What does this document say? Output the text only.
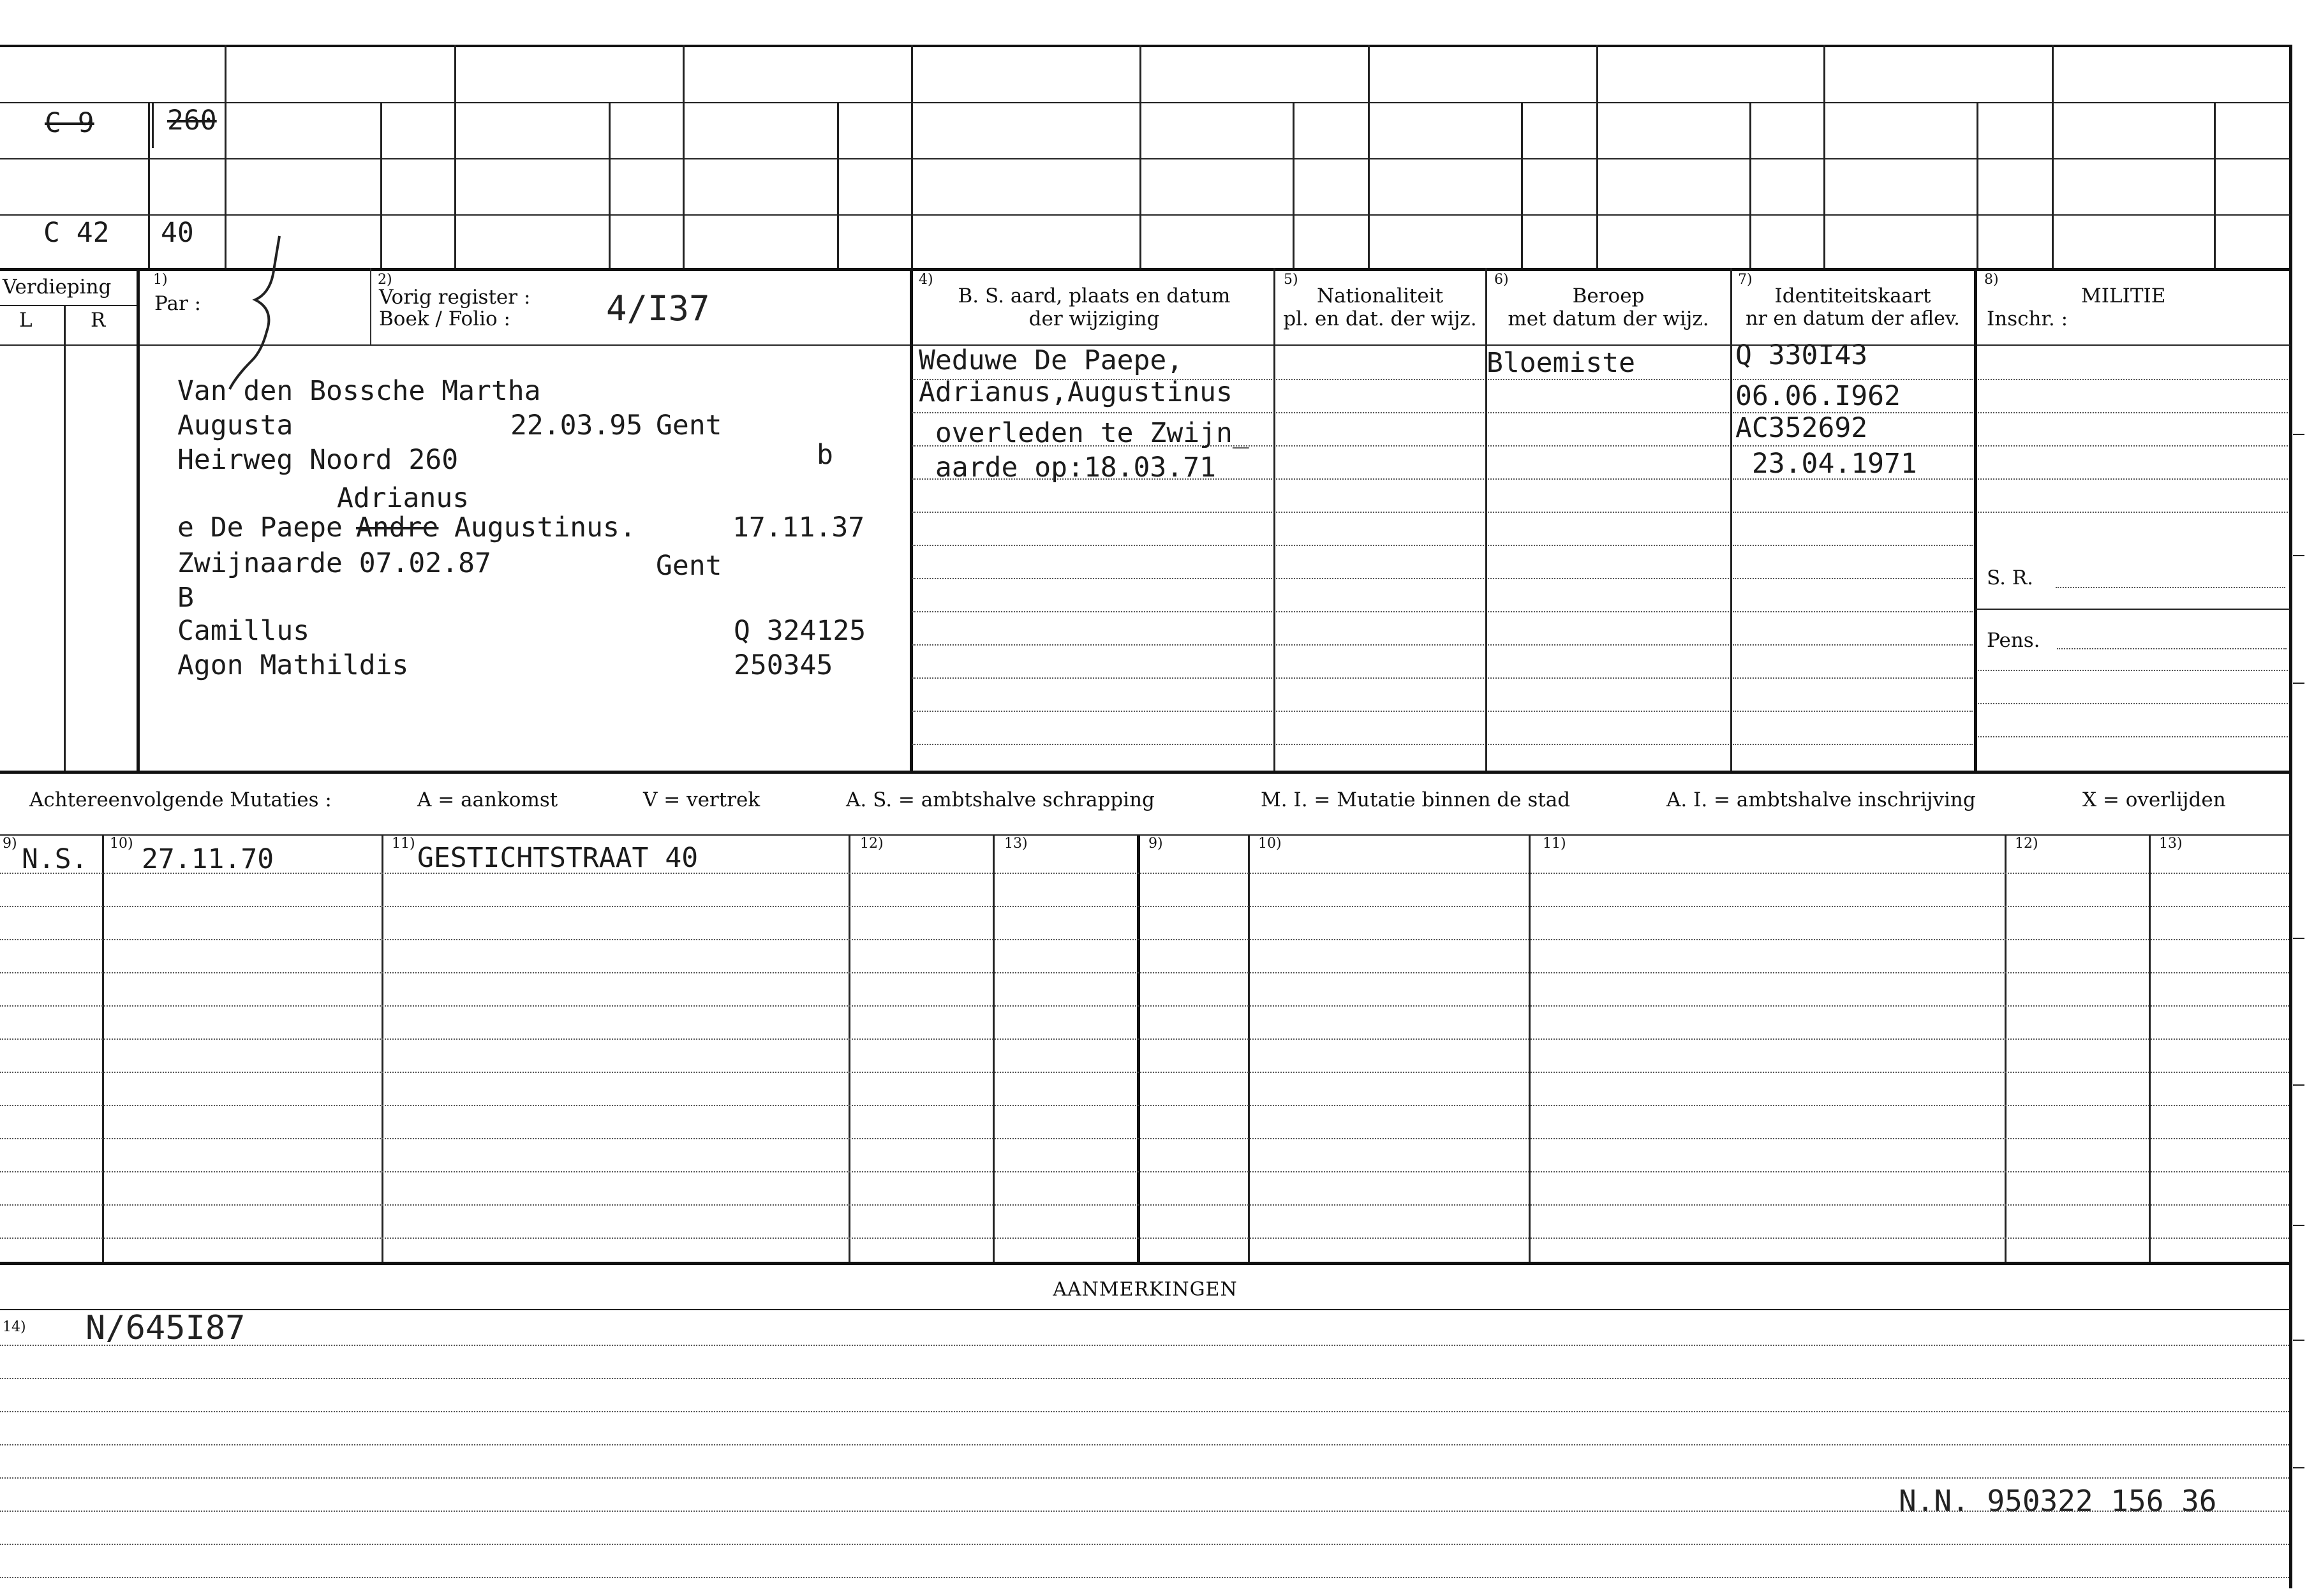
C 9	260
C 42 40
Verdieping
L	R
1)
Par :
2)
Vorig register :
Boek / Folio :	4/I37
4)
B. S. aard, plaats en datum
der wijziging
5)
Nationaliteit
pl. en dat. der wijz.
6)
Beroep
met datum der wijz.
7)
Identiteitskaart
nr en datum der aflev.
8)
MILITIE
Inschr. :
Van den Bossche Martha
Augusta	22.03.95 Gent
Heirweg Noord 260	b
Adrianus
e De Paepe Andre Augustinus.	17.11.37
Zwijnaarde 07.02.87	Gent
B
Camillus	Q 324125
Agon Mathildis	250345
Weduwe De Paepe,
Adrianus,Augustinus
overleden te Zwijn_
aarde op:18.03.71
Bloemiste	Q 330I43
06.06.I962
AC352692
23.04.1971
S. R.
Pens.
Achtereenvolgende Mutaties :	A = aankomst	V = vertrek	A. S. = ambtshalve schrapping	M. I. = Mutatie binnen de stad	A. I. = ambtshalve inschrijving	X = overlijden
9)	10)	11)	12)	13)	9)	10)	11)	12)	13)
N.S. 27.11.70	GESTICHTSTRAAT 40
AANMERKINGEN
14) N/645I87
N.N. 950322 156 36
